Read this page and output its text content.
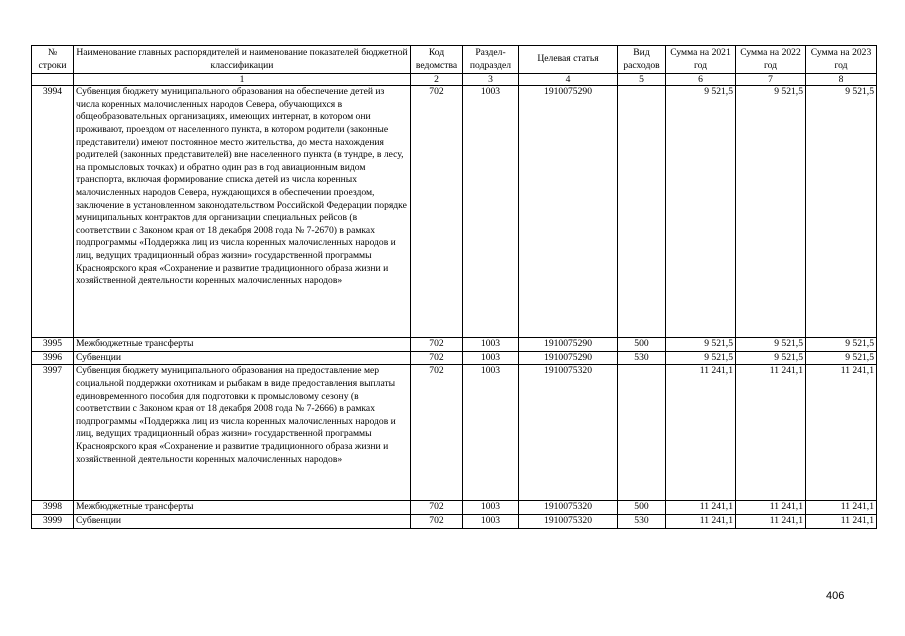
№ строки	Наименование главных распорядителей и наименование показателей бюджетной классификации	Код ведомства	Раздел-подраздел	Целевая статья	Вид расходов	Сумма на 2021 год	Сумма на 2022 год	Сумма на 2023 год
	1	2	3	4	5	6	7	8
3994	Субвенция бюджету муниципального образования на обеспечение детей из числа коренных малочисленных народов Севера, обучающихся в общеобразовательных организациях, имеющих интернат, в котором они проживают, проездом от населенного пункта, в котором родители (законные представители) имеют постоянное место жительства, до места нахождения родителей (законных представителей) вне населенного пункта (в тундре, в лесу, на промысловых точках) и обратно один раз в год авиационным видом транспорта, включая формирование списка детей из числа коренных малочисленных народов Севера, нуждающихся в обеспечении проездом, заключение в установленном законодательством Российской Федерации порядке муниципальных контрактов для организации специальных рейсов (в соответствии с Законом края от 18 декабря 2008 года № 7-2670) в рамках подпрограммы «Поддержка лиц из числа коренных малочисленных народов и лиц, ведущих традиционный образ жизни» государственной программы Красноярского края «Сохранение и развитие традиционного образа жизни и хозяйственной деятельности коренных малочисленных народов»	702	1003	1910075290		9 521,5	9 521,5	9 521,5
3995	Межбюджетные трансферты	702	1003	1910075290	500	9 521,5	9 521,5	9 521,5
3996	Субвенции	702	1003	1910075290	530	9 521,5	9 521,5	9 521,5
3997	Субвенция бюджету муниципального образования на предоставление мер социальной поддержки охотникам и рыбакам в виде предоставления выплаты единовременного пособия для подготовки к промысловому сезону (в соответствии с Законом края от 18 декабря 2008 года № 7-2666) в рамках подпрограммы «Поддержка лиц из числа коренных малочисленных народов и лиц, ведущих традиционный образ жизни» государственной программы Красноярского края «Сохранение и развитие традиционного образа жизни и хозяйственной деятельности коренных малочисленных народов»	702	1003	1910075320		11 241,1	11 241,1	11 241,1
3998	Межбюджетные трансферты	702	1003	1910075320	500	11 241,1	11 241,1	11 241,1
3999	Субвенции	702	1003	1910075320	530	11 241,1	11 241,1	11 241,1
406
